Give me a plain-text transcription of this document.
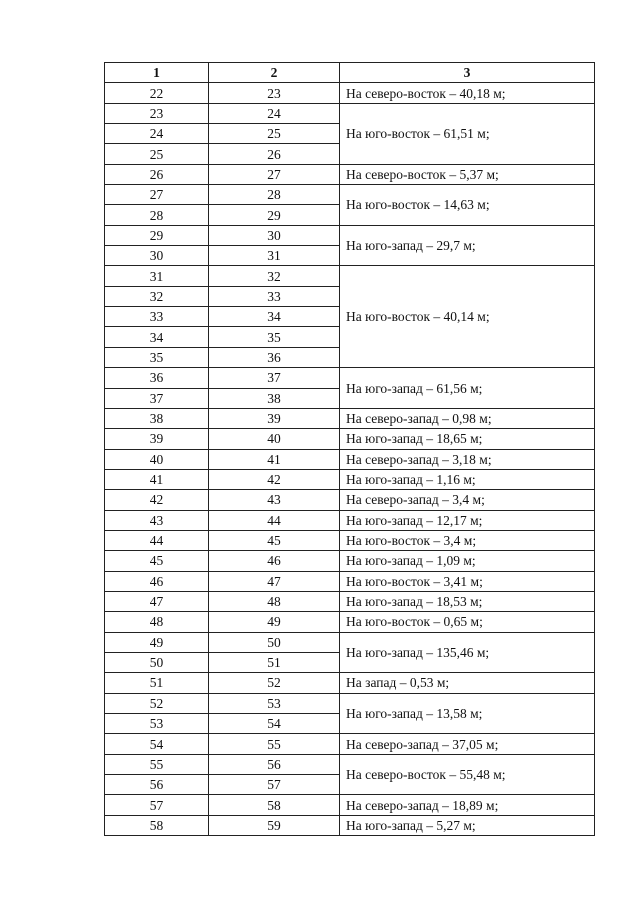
1	2	3
22	23	На северо-восток – 40,18 м;
23	24	На юго-восток – 61,51 м;
24	25	
25	26	
26	27	На северо-восток – 5,37 м;
27	28	На юго-восток – 14,63 м;
28	29	
29	30	На юго-запад – 29,7 м;
30	31	
31	32	На юго-восток – 40,14 м;
32	33	
33	34	
34	35	
35	36	
36	37	На юго-запад – 61,56 м;
37	38	
38	39	На северо-запад – 0,98 м;
39	40	На юго-запад – 18,65 м;
40	41	На северо-запад – 3,18 м;
41	42	На юго-запад – 1,16 м;
42	43	На северо-запад – 3,4 м;
43	44	На юго-запад – 12,17 м;
44	45	На юго-восток – 3,4 м;
45	46	На юго-запад – 1,09 м;
46	47	На юго-восток – 3,41 м;
47	48	На юго-запад – 18,53 м;
48	49	На юго-восток – 0,65 м;
49	50	На юго-запад – 135,46 м;
50	51	
51	52	На запад – 0,53 м;
52	53	На юго-запад – 13,58 м;
53	54	
54	55	На северо-запад – 37,05 м;
55	56	На северо-восток – 55,48 м;
56	57	
57	58	На северо-запад – 18,89 м;
58	59	На юго-запад – 5,27 м;
